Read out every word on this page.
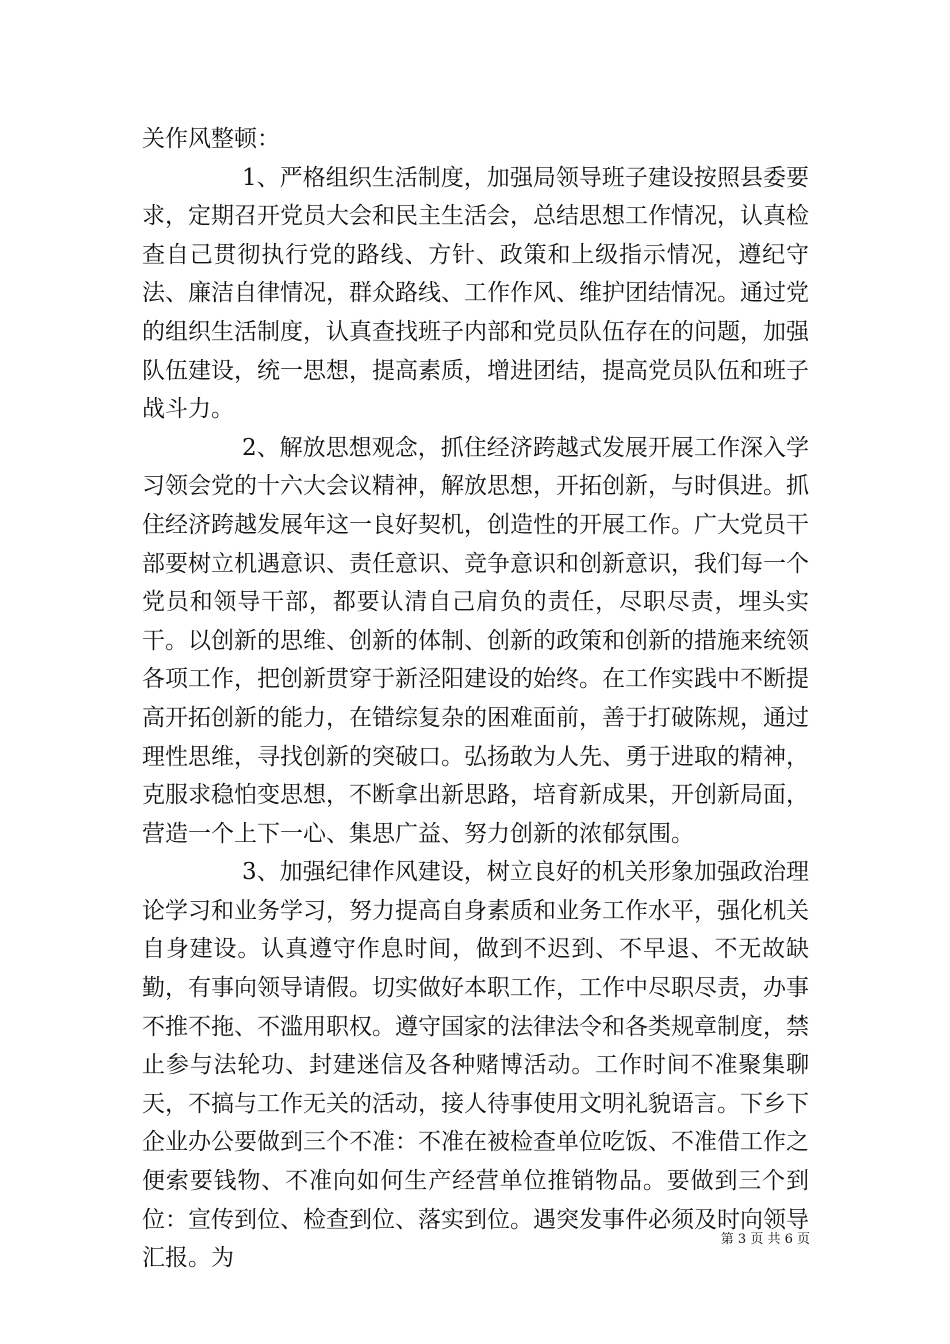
关作风整顿：

1、严格组织生活制度，加强局领导班子建设按照县委要求，定期召开党员大会和民主生活会，总结思想工作情况，认真检查自己贯彻执行党的路线、方针、政策和上级指示情况，遵纪守法、廉洁自律情况，群众路线、工作作风、维护团结情况。通过党的组织生活制度，认真查找班子内部和党员队伍存在的问题，加强队伍建设，统一思想，提高素质，增进团结，提高党员队伍和班子战斗力。

2、解放思想观念，抓住经济跨越式发展开展工作深入学习领会党的十六大会议精神，解放思想，开拓创新，与时俱进。抓住经济跨越发展年这一良好契机，创造性的开展工作。广大党员干部要树立机遇意识、责任意识、竞争意识和创新意识，我们每一个党员和领导干部，都要认清自己肩负的责任，尽职尽责，埋头实干。以创新的思维、创新的体制、创新的政策和创新的措施来统领各项工作，把创新贯穿于新泾阳建设的始终。在工作实践中不断提高开拓创新的能力，在错综复杂的困难面前，善于打破陈规，通过理性思维，寻找创新的突破口。弘扬敢为人先、勇于进取的精神，克服求稳怕变思想，不断拿出新思路，培育新成果，开创新局面，营造一个上下一心、集思广益、努力创新的浓郁氛围。

3、加强纪律作风建设，树立良好的机关形象加强政治理论学习和业务学习，努力提高自身素质和业务工作水平，强化机关自身建设。认真遵守作息时间，做到不迟到、不早退、不无故缺勤，有事向领导请假。切实做好本职工作，工作中尽职尽责，办事不推不拖、不滥用职权。遵守国家的法律法令和各类规章制度，禁止参与法轮功、封建迷信及各种赌博活动。工作时间不准聚集聊天，不搞与工作无关的活动，接人待事使用文明礼貌语言。下乡下企业办公要做到三个不准：不准在被检查单位吃饭、不准借工作之便索要钱物、不准向如何生产经营单位推销物品。要做到三个到位：宣传到位、检查到位、落实到位。遇突发事件必须及时向领导汇报。为

第 3 页 共 6 页
